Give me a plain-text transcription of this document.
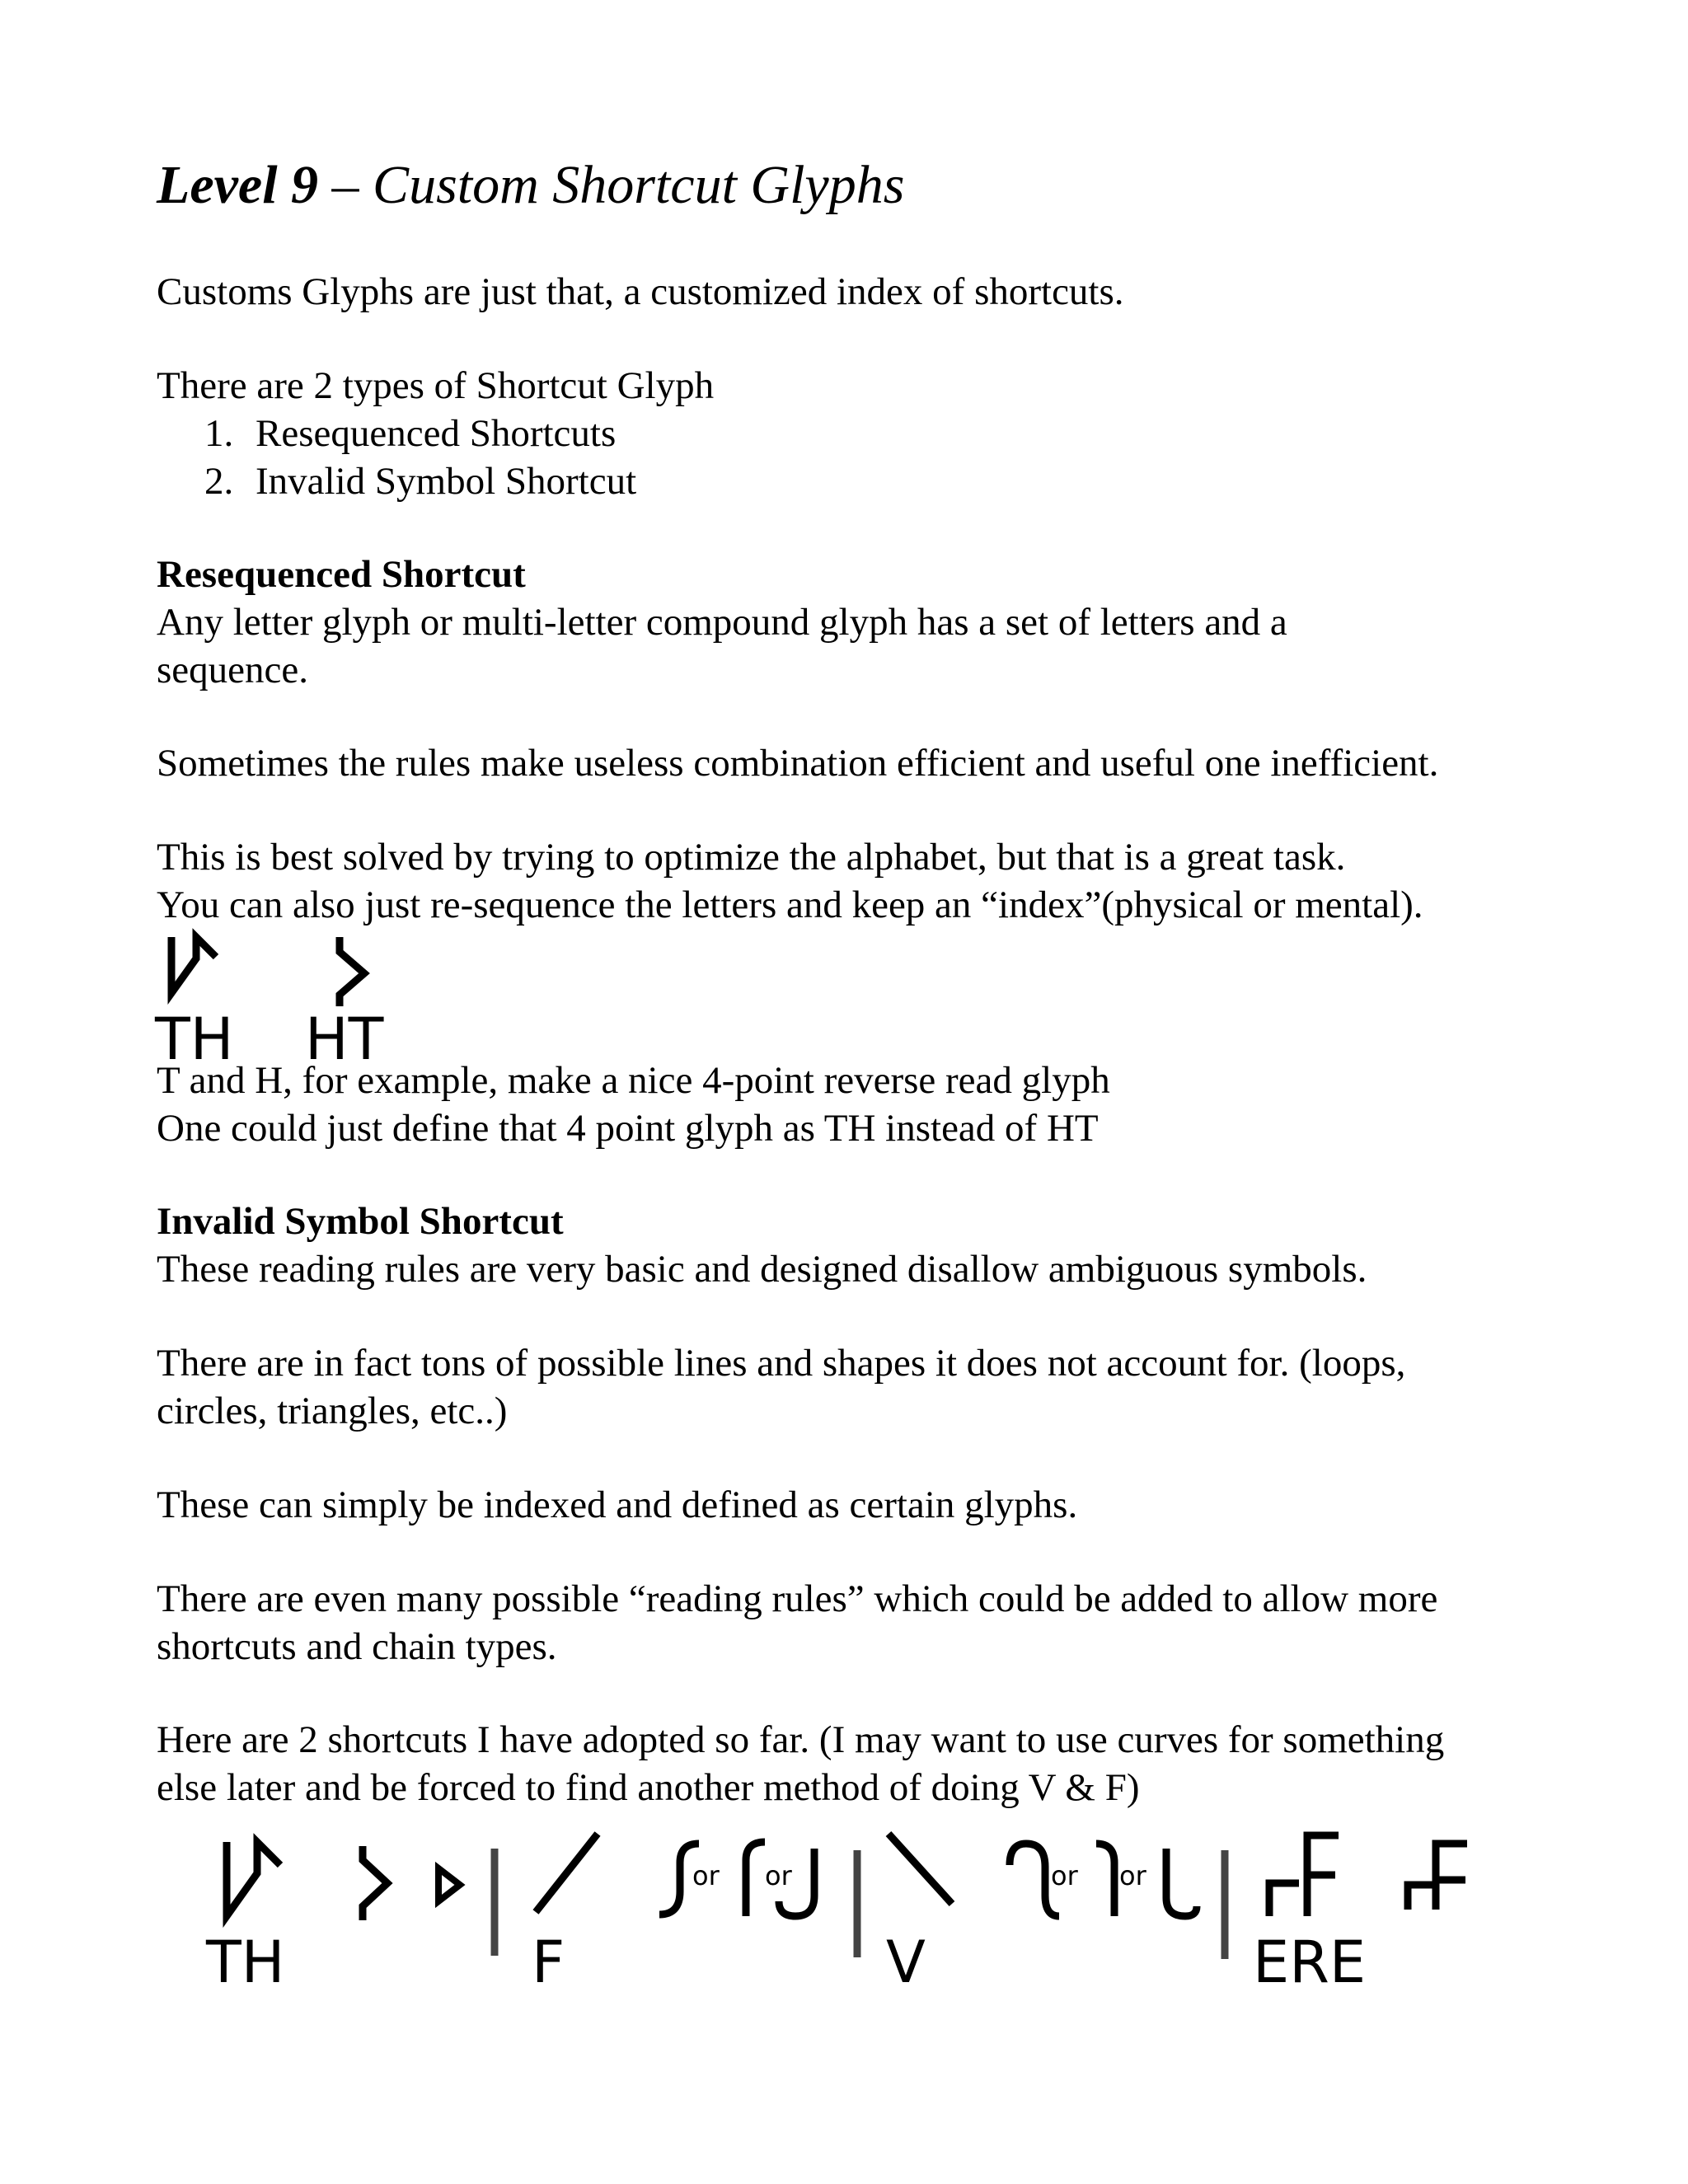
Level 9 – Custom Shortcut Glyphs

Customs Glyphs are just that, a customized index of shortcuts.

There are 2 types of Shortcut Glyph

1. Resequenced Shortcuts

2. Invalid Symbol Shortcut

Resequenced Shortcut

Any letter glyph or multi-letter compound glyph has a set of letters and a

sequence.

Sometimes the rules make useless combination efficient and useful one inefficient.

This is best solved by trying to optimize the alphabet, but that is a great task.

You can also just re-sequence the letters and keep an “index”(physical or mental).

TH HT

T and H, for example, make a nice 4-point reverse read glyph

One could just define that 4 point glyph as TH instead of HT

Invalid Symbol Shortcut

These reading rules are very basic and designed disallow ambiguous symbols.

There are in fact tons of possible lines and shapes it does not account for. (loops,

circles, triangles, etc..)

These can simply be indexed and defined as certain glyphs.

There are even many possible “reading rules” which could be added to allow more

shortcuts and chain types.

Here are 2 shortcuts I have adopted so far. (I may want to use curves for something

else later and be forced to find another method of doing V & F)

TH	F
or or
V
or or
ERE
